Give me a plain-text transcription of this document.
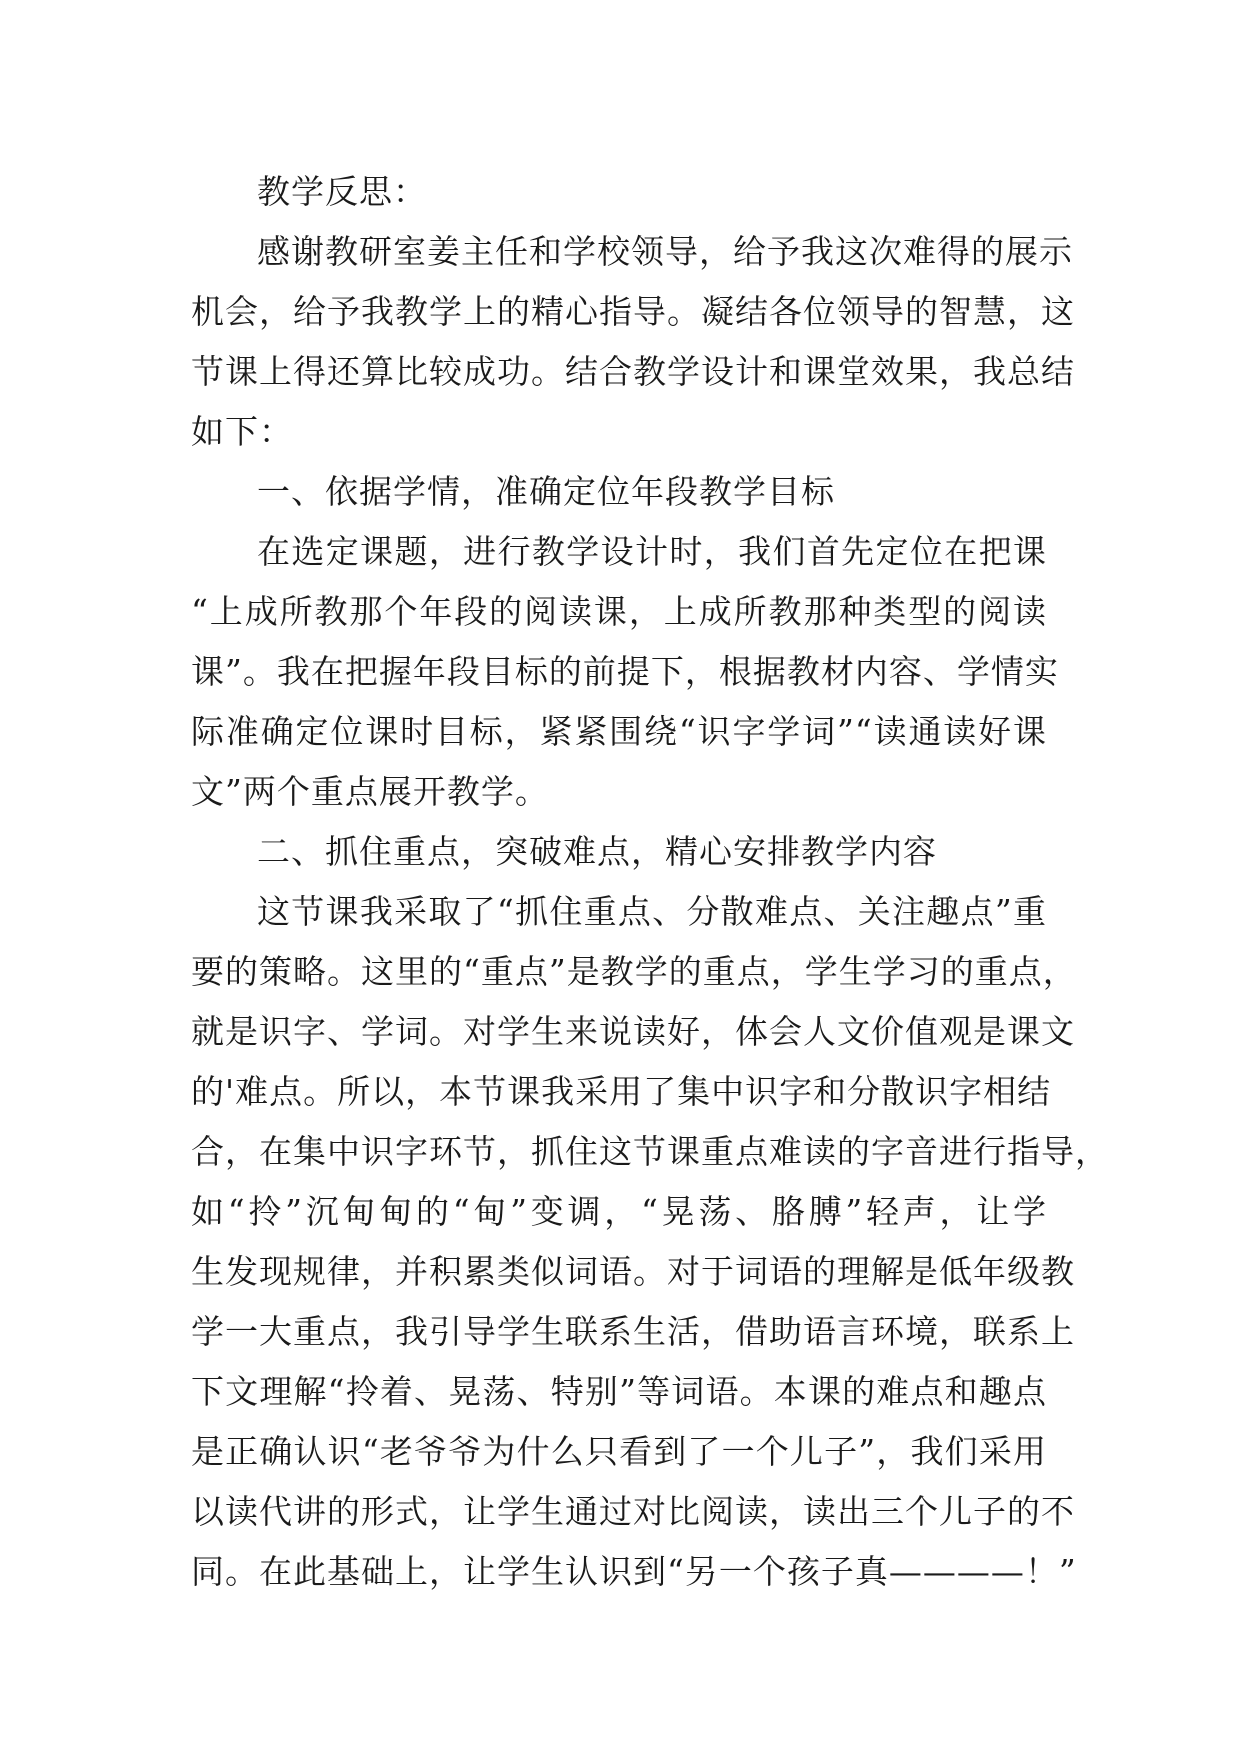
教学反思：
感谢教研室姜主任和学校领导，给予我这次难得的展示
机会，给予我教学上的精心指导。凝结各位领导的智慧，这
节课上得还算比较成功。结合教学设计和课堂效果，我总结
如下：
一、依据学情，准确定位年段教学目标
在选定课题，进行教学设计时，我们首先定位在把课
“上成所教那个年段的阅读课，上成所教那种类型的阅读
课”。我在把握年段目标的前提下，根据教材内容、学情实
际准确定位课时目标，紧紧围绕“识字学词”“读通读好课
文”两个重点展开教学。
二、抓住重点，突破难点，精心安排教学内容
这节课我采取了“抓住重点、分散难点、关注趣点”重
要的策略。这里的“重点”是教学的重点，学生学习的重点，
就是识字、学词。对学生来说读好，体会人文价值观是课文
的'难点。所以，本节课我采用了集中识字和分散识字相结
合，在集中识字环节，抓住这节课重点难读的字音进行指导，
如“拎”沉甸甸的“甸”变调，“晃荡、胳膊”轻声，让学
生发现规律，并积累类似词语。对于词语的理解是低年级教
学一大重点，我引导学生联系生活，借助语言环境，联系上
下文理解“拎着、晃荡、特别”等词语。本课的难点和趣点
是正确认识“老爷爷为什么只看到了一个儿子”，我们采用
以读代讲的形式，让学生通过对比阅读，读出三个儿子的不
同。在此基础上，让学生认识到“另一个孩子真————！”
